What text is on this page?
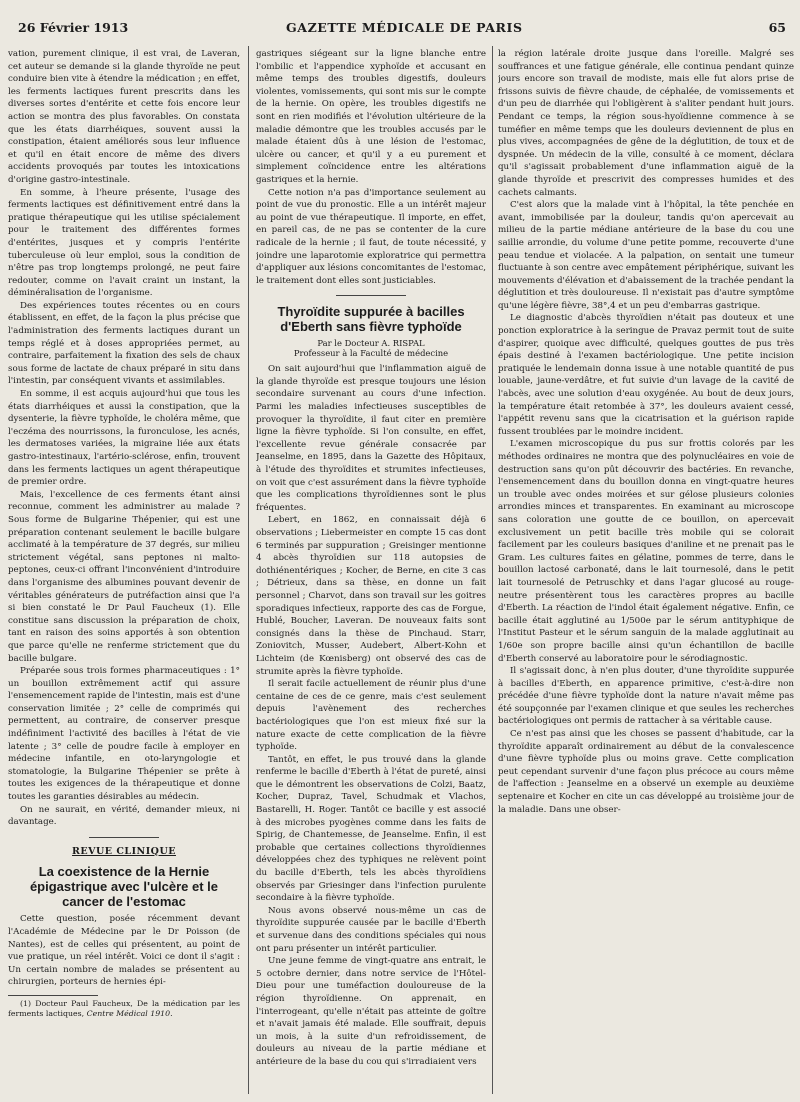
26 Février 1913	GAZETTE MÉDICALE DE PARIS	65

vation, purement clinique, il est vrai, de Laveran, cet auteur se demande si la glande thyroïde ne peut conduire bien vite à étendre la médication ; en effet, les ferments lactiques furent prescrits dans les diverses sortes d'entérite et cette fois encore leur action se montra des plus favorables. On constata que les états diarrhéiques, souvent aussi la constipation, étaient améliorés sous leur influence et qu'il en était encore de même des divers accidents provoqués par toutes les intoxications d'origine gastro-intestinale.

En somme, à l'heure présente, l'usage des ferments lactiques est définitivement entré dans la pratique thérapeutique qui les utilise spécialement pour le traitement des différentes formes d'entérites, jusques et y compris l'entérite tuberculeuse où leur emploi, sous la condition de n'être pas trop longtemps prolongé, ne peut faire redouter, comme on l'avait craint un instant, la déminéralisation de l'organisme.

Des expériences toutes récentes ou en cours établissent, en effet, de la façon la plus précise que l'administration des ferments lactiques durant un temps réglé et à doses appropriées permet, au contraire, parfaitement la fixation des sels de chaux sous forme de lactate de chaux préparé in situ dans l'intestin, par conséquent vivants et assimilables.

En somme, il est acquis aujourd'hui que tous les états diarrhéiques et aussi la constipation, que la dysenterie, la fièvre typhoïde, le choléra même, que l'eczéma des nourrissons, la furonculose, les acnés, les dermatoses variées, la migraine liée aux états gastro-intestinaux, l'artério-sclérose, enfin, trouvent dans les ferments lactiques un agent thérapeutique de premier ordre.

Mais, l'excellence de ces ferments étant ainsi reconnue, comment les administrer au malade ? Sous forme de Bulgarine Thépenier, qui est une préparation contenant seulement le bacille bulgare acclimaté à la température de 37 degrés, sur milieu strictement végétal, sans peptones ni malto-peptones, ceux-ci offrant l'inconvénient d'introduire dans l'organisme des albumines pouvant devenir de véritables générateurs de putréfaction ainsi que l'a si bien constaté le Dr Paul Faucheux (1). Elle constitue sans discussion la préparation de choix, tant en raison des soins apportés à son obtention que parce qu'elle ne renferme strictement que du bacille bulgare.

Préparée sous trois formes pharmaceutiques : 1° un bouillon extrêmement actif qui assure l'ensemencement rapide de l'intestin, mais est d'une conservation limitée ; 2° celle de comprimés qui permettent, au contraire, de conserver presque indéfiniment l'activité des bacilles à l'état de vie latente ; 3° celle de poudre facile à employer en médecine infantile, en oto-laryngologie et stomatologie, la Bulgarine Thépenier se prête à toutes les exigences de la thérapeutique et donne toutes les garanties désirables au médecin.

On ne saurait, en vérité, demander mieux, ni davantage.

REVUE CLINIQUE
La coexistence de la Hernie épigastrique avec l'ulcère et le cancer de l'estomac

Cette question, posée récemment devant l'Académie de Médecine par le Dr Poisson (de Nantes), est de celles qui présentent, au point de vue pratique, un réel intérêt. Voici ce dont il s'agit : Un certain nombre de malades se présentent au chirurgien, porteurs de hernies épi-

(1) Docteur Paul Faucheux, De la médication par les ferments lactiques, Centre Médical 1910.

gastriques siégeant sur la ligne blanche entre l'ombilic et l'appendice xyphoïde et accusant en même temps des troubles digestifs, douleurs violentes, vomissements, qui sont mis sur le compte de la hernie. On opère, les troubles digestifs ne sont en rien modifiés et l'évolution ultérieure de la maladie démontre que les troubles accusés par le malade étaient dûs à une lésion de l'estomac, ulcère ou cancer, et qu'il y a eu purement et simplement coïncidence entre les altérations gastriques et la hernie.

Cette notion n'a pas d'importance seulement au point de vue du pronostic. Elle a un intérêt majeur au point de vue thérapeutique. Il importe, en effet, en pareil cas, de ne pas se contenter de la cure radicale de la hernie ; il faut, de toute nécessité, y joindre une laparotomie exploratrice qui permettra d'appliquer aux lésions concomitantes de l'estomac, le traitement dont elles sont justiciables.

Thyroïdite suppurée à bacilles d'Eberth sans fièvre typhoïde
Par le Docteur A. RISPAL
Professeur à la Faculté de médecine

On sait aujourd'hui que l'inflammation aiguë de la glande thyroïde est presque toujours une lésion secondaire survenant au cours d'une infection. Parmi les maladies infectieuses susceptibles de provoquer la thyroïdite, il faut citer en première ligne la fièvre typhoïde. Si l'on consulte, en effet, l'excellente revue générale consacrée par Jeanselme, en 1895, dans la Gazette des Hôpitaux, à l'étude des thyroïdites et strumites infectieuses, on voit que c'est assurément dans la fièvre typhoïde que les complications thyroïdiennes sont le plus fréquentes.

Lebert, en 1862, en connaissait déjà 6 observations ; Liebermeister en compte 15 cas dont 6 terminés par suppuration ; Greisinger mentionne 4 abcès thyroïdien sur 118 autopsies de dothiénentériques ; Kocher, de Berne, en cite 3 cas ; Détrieux, dans sa thèse, en donne un fait personnel ; Charvot, dans son travail sur les goitres sporadiques infectieux, rapporte des cas de Forgue, Hublé, Boucher, Laveran. De nouveaux faits sont consignés dans la thèse de Pinchaud. Starr, Zoniovitch, Musser, Audebert, Albert-Kohn et Lichteim (de Kœnisberg) ont observé des cas de strumite après la fièvre typhoïde.

Il serait facile actuellement de réunir plus d'une centaine de ces de ce genre, mais c'est seulement depuis l'avènement des recherches bactériologiques que l'on est mieux fixé sur la nature exacte de cette complication de la fièvre typhoïde.

Tantôt, en effet, le pus trouvé dans la glande renferme le bacille d'Eberth à l'état de pureté, ainsi que le démontrent les observations de Colzi, Baatz, Kocher, Dupraz, Tavel, Schudmak et Vlachos, Bastarelli, H. Roger. Tantôt ce bacille y est associé à des microbes pyogènes comme dans les faits de Spirig, de Chantemesse, de Jeanselme. Enfin, il est probable que certaines collections thyroïdiennes développées chez des typhiques ne relèvent point du bacille d'Eberth, tels les abcès thyroïdiens observés par Griesinger dans l'infection purulente secondaire à la fièvre typhoïde.

Nous avons observé nous-même un cas de thyroïdite suppurée causée par le bacille d'Eberth et survenue dans des conditions spéciales qui nous ont paru présenter un intérêt particulier.

Une jeune femme de vingt-quatre ans entrait, le 5 octobre dernier, dans notre service de l'Hôtel-Dieu pour une tuméfaction douloureuse de la région thyroïdienne. On apprenait, en l'interrogeant, qu'elle n'était pas atteinte de goître et n'avait jamais été malade. Elle souffrait, depuis un mois, à la suite d'un refroidissement, de douleurs au niveau de la partie médiane et antérieure de la base du cou qui s'irradiaient vers

la région latérale droite jusque dans l'oreille. Malgré ses souffrances et une fatigue générale, elle continua pendant quinze jours encore son travail de modiste, mais elle fut alors prise de frissons suivis de fièvre chaude, de céphalée, de vomissements et d'un peu de diarrhée qui l'obligèrent à s'aliter pendant huit jours. Pendant ce temps, la région sous-hyoïdienne commence à se tuméfier en même temps que les douleurs deviennent de plus en plus vives, accompagnées de gêne de la déglutition, de toux et de dyspnée. Un médecin de la ville, consulté à ce moment, déclara qu'il s'agissait probablement d'une inflammation aiguë de la glande thyroïde et prescrivit des compresses humides et des cachets calmants.

C'est alors que la malade vint à l'hôpital, la tête penchée en avant, immobilisée par la douleur, tandis qu'on apercevait au milieu de la partie médiane antérieure de la base du cou une saillie arrondie, du volume d'une petite pomme, recouverte d'une peau tendue et violacée. A la palpation, on sentait une tumeur fluctuante à son centre avec empâtement périphérique, suivant les mouvements d'élévation et d'abaissement de la trachée pendant la déglutition et très douloureuse. Il n'existait pas d'autre symptôme qu'une légère fièvre, 38°,4 et un peu d'embarras gastrique.

Le diagnostic d'abcès thyroïdien n'était pas douteux et une ponction exploratrice à la seringue de Pravaz permit tout de suite d'aspirer, quoique avec difficulté, quelques gouttes de pus très épais destiné à l'examen bactériologique. Une petite incision pratiquée le lendemain donna issue à une notable quantité de pus louable, jaune-verdâtre, et fut suivie d'un lavage de la cavité de l'abcès, avec une solution d'eau oxygénée. Au bout de deux jours, la température était retombée à 37°, les douleurs avaient cessé, l'appétit revenu sans que la cicatrisation et la guérison rapide fussent troublées par le moindre incident.

L'examen microscopique du pus sur frottis colorés par les méthodes ordinaires ne montra que des polynucléaires en voie de destruction sans qu'on pût découvrir des bactéries. En revanche, l'ensemencement dans du bouillon donna en vingt-quatre heures un trouble avec ondes moirées et sur gélose plusieurs colonies arrondies minces et transparentes. En examinant au microscope sans coloration une goutte de ce bouillon, on apercevait exclusivement un petit bacille très mobile qui se colorait facilement par les couleurs basiques d'aniline et ne prenait pas le Gram. Les cultures faites en gélatine, pommes de terre, dans le bouillon lactosé carbonaté, dans le lait tournesolé, dans le petit lait tournesolé de Petruschky et dans l'agar glucosé au rouge-neutre présentèrent tous les caractères propres au bacille d'Eberth. La réaction de l'indol était également négative. Enfin, ce bacille était agglutiné au 1/500e par le sérum antityphique de l'Institut Pasteur et le sérum sanguin de la malade agglutinait au 1/60e son propre bacille ainsi qu'un échantillon de bacille d'Eberth conservé au laboratoire pour le sérodiagnostic.

Il s'agissait donc, à n'en plus douter, d'une thyroïdite suppurée à bacilles d'Eberth, en apparence primitive, c'est-à-dire non précédée d'une fièvre typhoïde dont la nature n'avait même pas été soupçonnée par l'examen clinique et que seules les recherches bactériologiques ont permis de rattacher à sa véritable cause.

Ce n'est pas ainsi que les choses se passent d'habitude, car la thyroïdite apparaît ordinairement au début de la convalescence d'une fièvre typhoïde plus ou moins grave. Cette complication peut cependant survenir d'une façon plus précoce au cours même de l'affection : Jeanselme en a observé un exemple au deuxième septenaire et Kocher en cite un cas développé au troisième jour de la maladie. Dans une obser-
